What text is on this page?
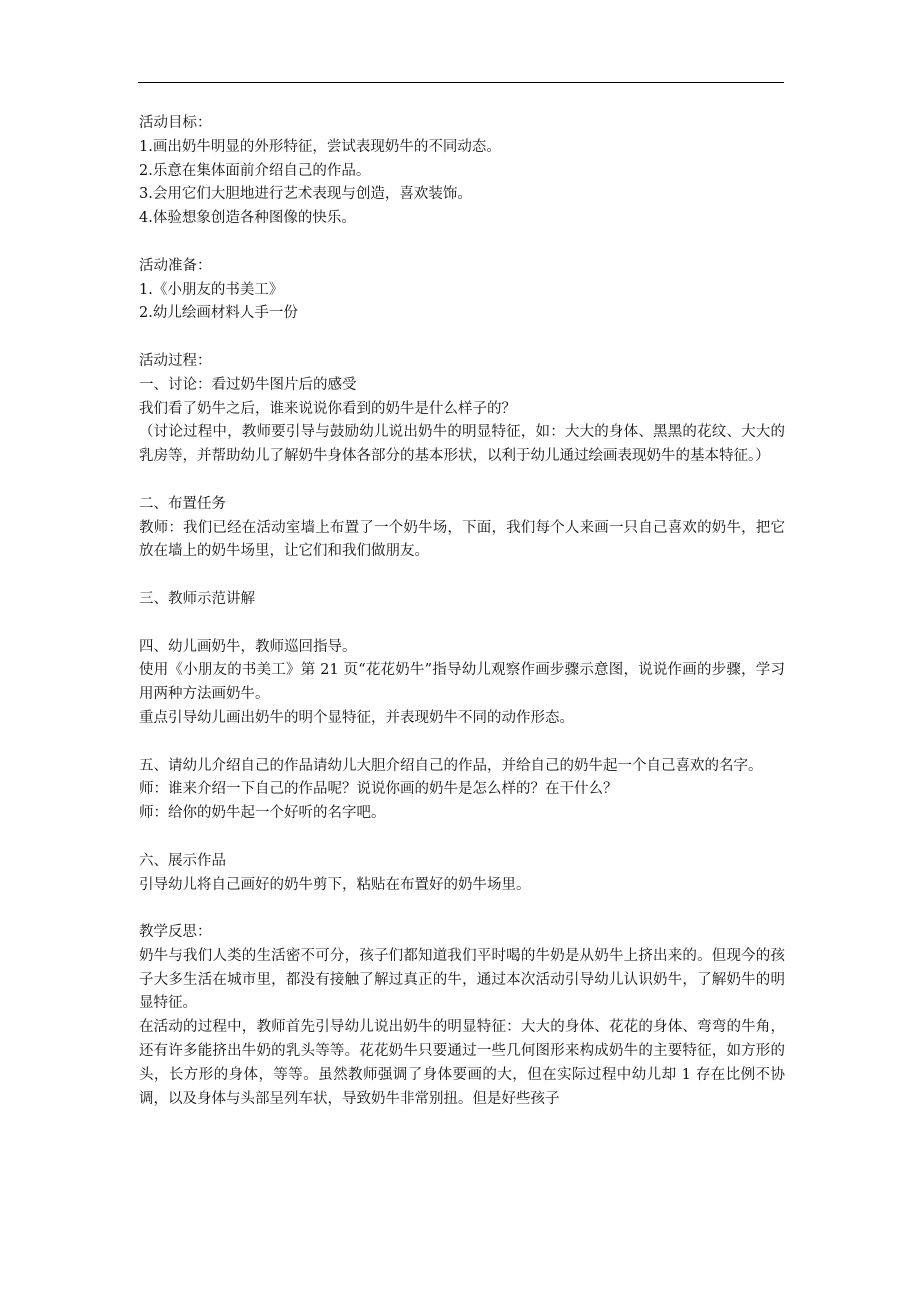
活动目标：

1.画出奶牛明显的外形特征，尝试表现奶牛的不同动态。

2.乐意在集体面前介绍自己的作品。

3.会用它们大胆地进行艺术表现与创造，喜欢装饰。

4.体验想象创造各种图像的快乐。

活动准备：

1.《小朋友的书美工》

2.幼儿绘画材料人手一份

活动过程：

一、讨论：看过奶牛图片后的感受

我们看了奶牛之后，谁来说说你看到的奶牛是什么样子的？

（讨论过程中，教师要引导与鼓励幼儿说出奶牛的明显特征，如：大大的身体、黑黑的花纹、大大的乳房等，并帮助幼儿了解奶牛身体各部分的基本形状，以利于幼儿通过绘画表现奶牛的基本特征。）

二、布置任务

教师：我们已经在活动室墙上布置了一个奶牛场，下面，我们每个人来画一只自己喜欢的奶牛，把它放在墙上的奶牛场里，让它们和我们做朋友。

三、教师示范讲解

四、幼儿画奶牛，教师巡回指导。

使用《小朋友的书美工》第 21 页“花花奶牛”指导幼儿观察作画步骤示意图，说说作画的步骤，学习用两种方法画奶牛。

重点引导幼儿画出奶牛的明个显特征，并表现奶牛不同的动作形态。

五、请幼儿介绍自己的作品请幼儿大胆介绍自己的作品，并给自己的奶牛起一个自己喜欢的名字。

师：谁来介绍一下自己的作品呢？说说你画的奶牛是怎么样的？在干什么？

师：给你的奶牛起一个好听的名字吧。

六、展示作品

引导幼儿将自己画好的奶牛剪下，粘贴在布置好的奶牛场里。

教学反思：

奶牛与我们人类的生活密不可分，孩子们都知道我们平时喝的牛奶是从奶牛上挤出来的。但现今的孩子大多生活在城市里，都没有接触了解过真正的牛，通过本次活动引导幼儿认识奶牛，了解奶牛的明显特征。

在活动的过程中，教师首先引导幼儿说出奶牛的明显特征：大大的身体、花花的身体、弯弯的牛角，还有许多能挤出牛奶的乳头等等。花花奶牛只要通过一些几何图形来构成奶牛的主要特征，如方形的头，长方形的身体，等等。虽然教师强调了身体要画的大，但在实际过程中幼儿却 1 存在比例不协调，以及身体与头部呈列车状，导致奶牛非常别扭。但是好些孩子
